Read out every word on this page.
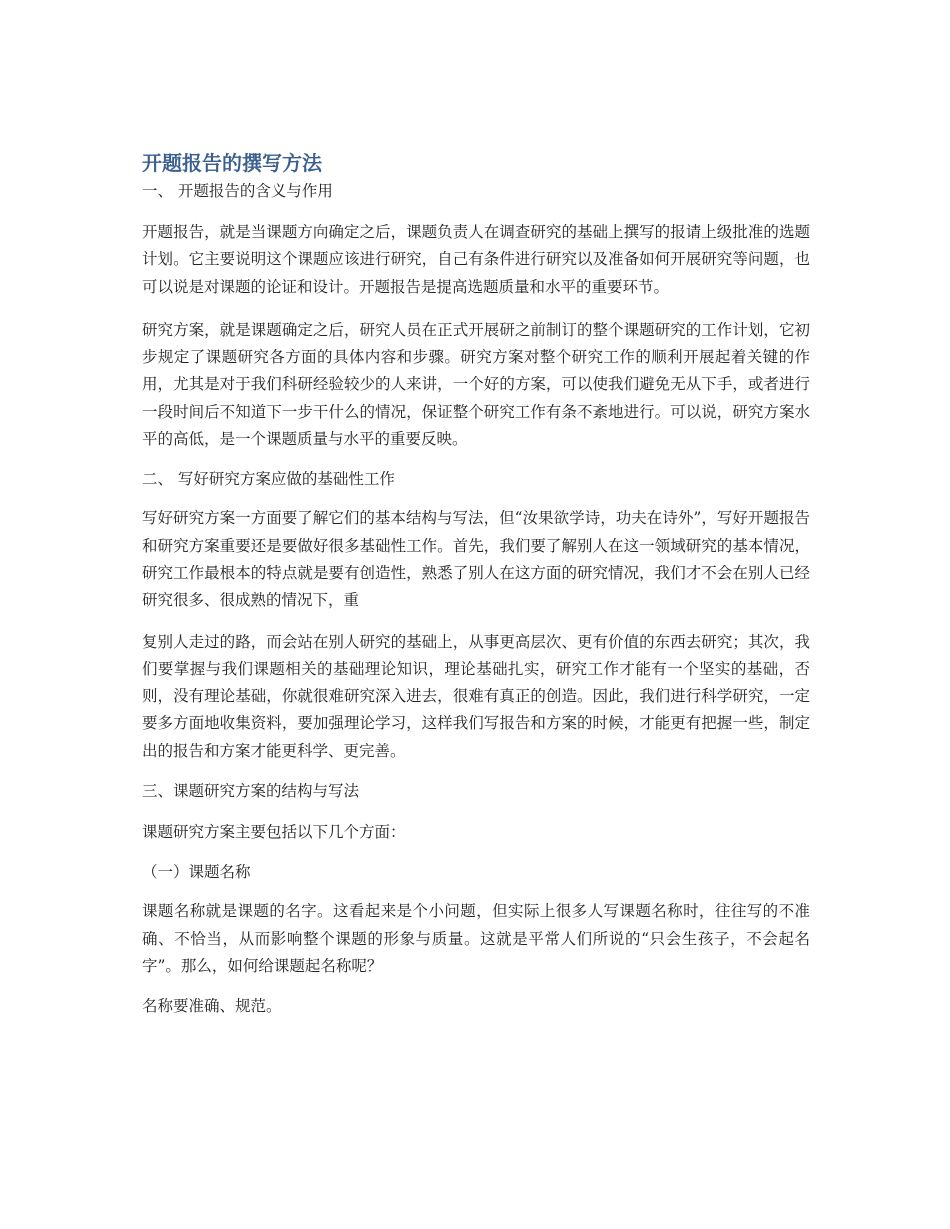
开题报告的撰写方法

一、 开题报告的含义与作用

开题报告，就是当课题方向确定之后，课题负责人在调查研究的基础上撰写的报请上级批准的选题计划。它主要说明这个课题应该进行研究，自己有条件进行研究以及准备如何开展研究等问题，也可以说是对课题的论证和设计。开题报告是提高选题质量和水平的重要环节。

研究方案，就是课题确定之后，研究人员在正式开展研之前制订的整个课题研究的工作计划，它初步规定了课题研究各方面的具体内容和步骤。研究方案对整个研究工作的顺利开展起着关键的作用，尤其是对于我们科研经验较少的人来讲，一个好的方案，可以使我们避免无从下手，或者进行一段时间后不知道下一步干什么的情况，保证整个研究工作有条不紊地进行。可以说，研究方案水平的高低，是一个课题质量与水平的重要反映。

二、 写好研究方案应做的基础性工作

写好研究方案一方面要了解它们的基本结构与写法，但“汝果欲学诗，功夫在诗外”，写好开题报告和研究方案重要还是要做好很多基础性工作。首先，我们要了解别人在这一领域研究的基本情况，研究工作最根本的特点就是要有创造性，熟悉了别人在这方面的研究情况，我们才不会在别人已经研究很多、很成熟的情况下，重

复别人走过的路，而会站在别人研究的基础上，从事更高层次、更有价值的东西去研究；其次，我们要掌握与我们课题相关的基础理论知识，理论基础扎实，研究工作才能有一个坚实的基础，否则，没有理论基础，你就很难研究深入进去，很难有真正的创造。因此，我们进行科学研究，一定要多方面地收集资料，要加强理论学习，这样我们写报告和方案的时候，才能更有把握一些，制定出的报告和方案才能更科学、更完善。

三、课题研究方案的结构与写法

课题研究方案主要包括以下几个方面：

（一）课题名称

课题名称就是课题的名字。这看起来是个小问题，但实际上很多人写课题名称时，往往写的不准确、不恰当，从而影响整个课题的形象与质量。这就是平常人们所说的“只会生孩子，不会起名字”。那么，如何给课题起名称呢？

名称要准确、规范。
